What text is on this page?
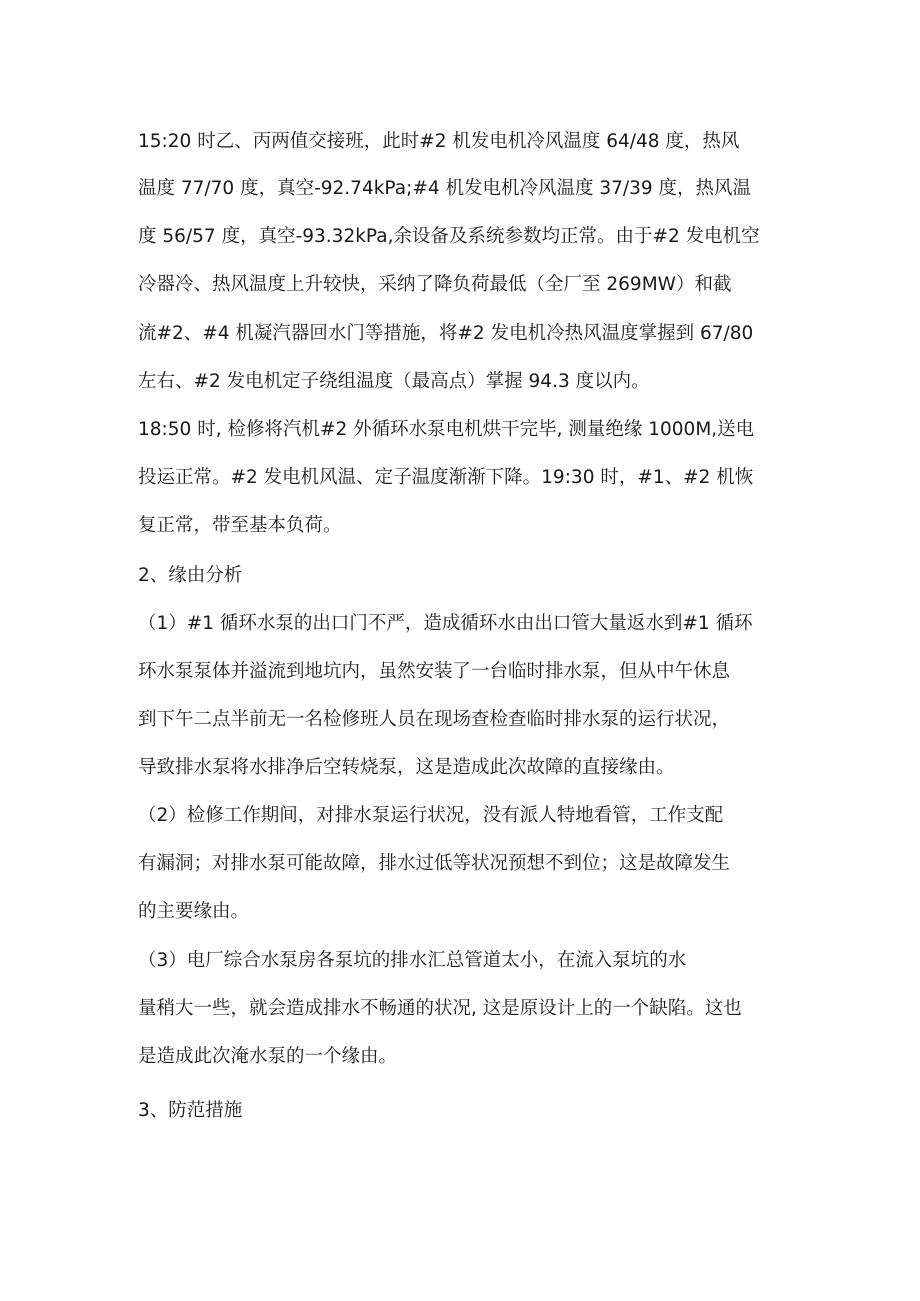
15:20 时乙、丙两值交接班，此时#2 机发电机冷风温度 64/48 度，热风
温度 77/70 度，真空-92.74kPa;#4 机发电机冷风温度 37/39 度，热风温
度 56/57 度，真空-93.32kPa,余设备及系统参数均正常。由于#2 发电机空
冷器冷、热风温度上升较快，采纳了降负荷最低（全厂至 269MW）和截
流#2、#4 机凝汽器回水门等措施，将#2 发电机冷热风温度掌握到 67/80
左右、#2 发电机定子绕组温度（最高点）掌握 94.3 度以内。
18:50 时, 检修将汽机#2 外循环水泵电机烘干完毕, 测量绝缘 1000M,送电
投运正常。#2 发电机风温、定子温度渐渐下降。19:30 时，#1、#2 机恢
复正常，带至基本负荷。
2、缘由分析
（1）#1 循环水泵的出口门不严，造成循环水由出口管大量返水到#1 循环
环水泵泵体并溢流到地坑内，虽然安装了一台临时排水泵，但从中午休息
到下午二点半前无一名检修班人员在现场查检查临时排水泵的运行状况，
导致排水泵将水排净后空转烧泵，这是造成此次故障的直接缘由。
（2）检修工作期间，对排水泵运行状况，没有派人特地看管，工作支配
有漏洞；对排水泵可能故障，排水过低等状况预想不到位；这是故障发生
的主要缘由。
（3）电厂综合水泵房各泵坑的排水汇总管道太小，在流入泵坑的水
量稍大一些，就会造成排水不畅通的状况, 这是原设计上的一个缺陷。这也
是造成此次淹水泵的一个缘由。
3、防范措施
